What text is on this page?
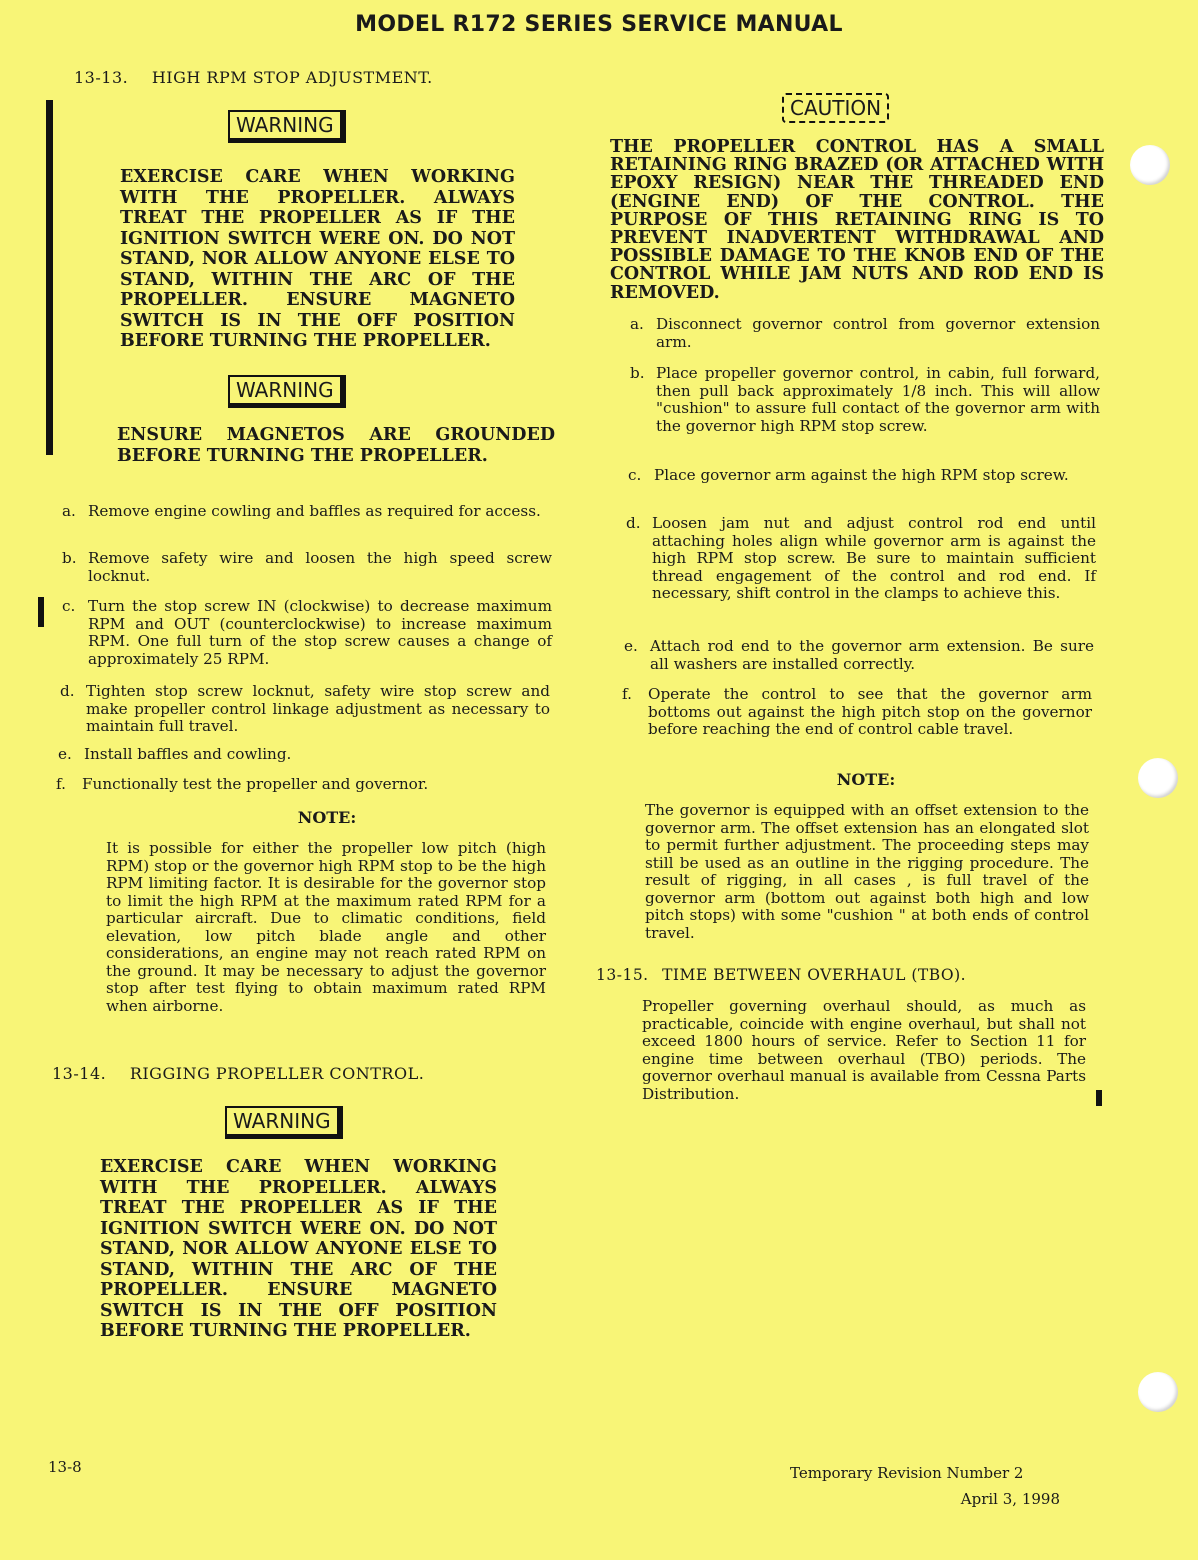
MODEL R172 SERIES SERVICE MANUAL
13-13. HIGH RPM STOP ADJUSTMENT.
WARNING
EXERCISE CARE WHEN WORKING WITH THE PROPELLER. ALWAYS TREAT THE PROPELLER AS IF THE IGNITION SWITCH WERE ON. DO NOT STAND, NOR ALLOW ANYONE ELSE TO STAND, WITHIN THE ARC OF THE PROPELLER. ENSURE MAGNETO SWITCH IS IN THE OFF POSITION BEFORE TURNING THE PROPELLER.
WARNING
ENSURE MAGNETOS ARE GROUNDED BEFORE TURNING THE PROPELLER.
a. Remove engine cowling and baffles as required for access.
b. Remove safety wire and loosen the high speed screw locknut.
c. Turn the stop screw IN (clockwise) to decrease maximum RPM and OUT (counterclockwise) to increase maximum RPM. One full turn of the stop screw causes a change of approximately 25 RPM.
d. Tighten stop screw locknut, safety wire stop screw and make propeller control linkage adjustment as necessary to maintain full travel.
e. Install baffles and cowling.
f.	Functionally test the propeller and governor.
NOTE:
It is possible for either the propeller low pitch (high RPM) stop or the governor high RPM stop to be the high RPM limiting factor. It is desirable for the governor stop to limit the high RPM at the maximum rated RPM for a particular aircraft. Due to climatic conditions, field elevation, low pitch blade angle and other considerations, an engine may not reach rated RPM on the ground. It may be necessary to adjust the governor stop after test flying to obtain maximum rated RPM when airborne.
13-14. RIGGING PROPELLER CONTROL.
WARNING
EXERCISE CARE WHEN WORKING WITH THE PROPELLER. ALWAYS TREAT THE PROPELLER AS IF THE IGNITION SWITCH WERE ON. DO NOT STAND, NOR ALLOW ANYONE ELSE TO STAND, WITHIN THE ARC OF THE PROPELLER. ENSURE MAGNETO SWITCH IS IN THE OFF POSITION BEFORE TURNING THE PROPELLER.
CAUTION
THE PROPELLER CONTROL HAS A SMALL RETAINING RING BRAZED (OR ATTACHED WITH EPOXY RESIGN) NEAR THE THREADED END (ENGINE END) OF THE CONTROL. THE PURPOSE OF THIS RETAINING RING IS TO PREVENT INADVERTENT WITHDRAWAL AND POSSIBLE DAMAGE TO THE KNOB END OF THE CONTROL WHILE JAM NUTS AND ROD END IS REMOVED.
a. Disconnect governor control from governor extension arm.
b. Place propeller governor control, in cabin, full forward, then pull back approximately 1/8 inch. This will allow "cushion" to assure full contact of the governor arm with the governor high RPM stop screw.
c. Place governor arm against the high RPM stop screw.
d. Loosen jam nut and adjust control rod end until attaching holes align while governor arm is against the high RPM stop screw. Be sure to maintain sufficient thread engagement of the control and rod end. If necessary, shift control in the clamps to achieve this.
e. Attach rod end to the governor arm extension. Be sure all washers are installed correctly.
f.	Operate the control to see that the governor arm bottoms out against the high pitch stop on the governor before reaching the end of control cable travel.
NOTE:
The governor is equipped with an offset extension to the governor arm. The offset extension has an elongated slot to permit further adjustment. The proceeding steps may still be used as an outline in the rigging procedure. The result of rigging, in all cases , is full travel of the governor arm (bottom out against both high and low pitch stops) with some "cushion " at both ends of control travel.
13-15. TIME BETWEEN OVERHAUL (TBO).
Propeller governing overhaul should, as much as practicable, coincide with engine overhaul, but shall not exceed 1800 hours of service. Refer to Section 11 for engine time between overhaul (TBO) periods. The governor overhaul manual is available from Cessna Parts Distribution.
13-8	Temporary Revision Number 2
April 3, 1998
